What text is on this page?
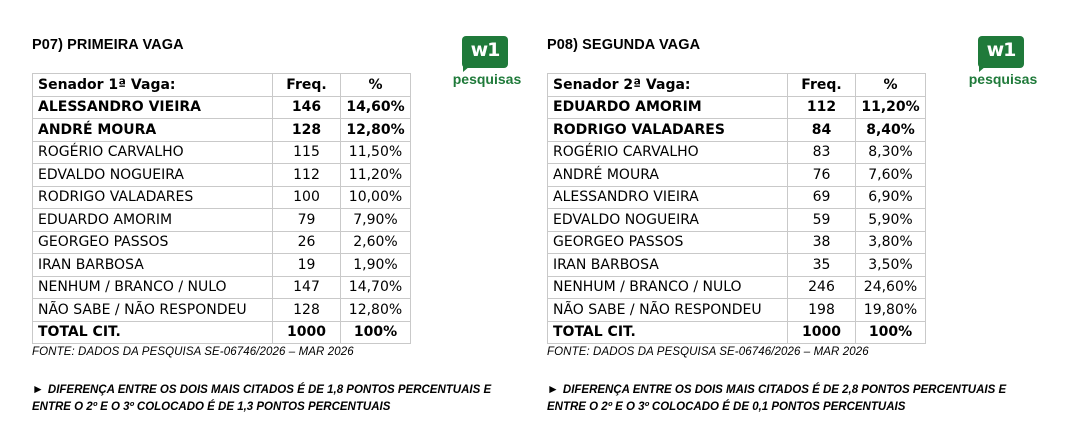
P07) PRIMEIRA VAGA	w1
pesquisas
Senador 1ª Vaga:	Freq.	%
ALESSANDRO VIEIRA	146	14,60%
ANDRÉ MOURA	128	12,80%
ROGÉRIO CARVALHO	115	11,50%
EDVALDO NOGUEIRA	112	11,20%
RODRIGO VALADARES	100	10,00%
EDUARDO AMORIM	79	7,90%
GEORGEO PASSOS	26	2,60%
IRAN BARBOSA	19	1,90%
NENHUM / BRANCO / NULO	147	14,70%
NÃO SABE / NÃO RESPONDEU	128	12,80%
TOTAL CIT.	1000	100%
FONTE: DADOS DA PESQUISA SE-06746/2026 – MAR 2026
► DIFERENÇA ENTRE OS DOIS MAIS CITADOS É DE 1,8 PONTOS PERCENTUAIS E ENTRE O 2º E O 3º COLOCADO É DE 1,3 PONTOS PERCENTUAIS
P08) SEGUNDA VAGA	w1
pesquisas
Senador 2ª Vaga:	Freq.	%
EDUARDO AMORIM	112	11,20%
RODRIGO VALADARES	84	8,40%
ROGÉRIO CARVALHO	83	8,30%
ANDRÉ MOURA	76	7,60%
ALESSANDRO VIEIRA	69	6,90%
EDVALDO NOGUEIRA	59	5,90%
GEORGEO PASSOS	38	3,80%
IRAN BARBOSA	35	3,50%
NENHUM / BRANCO / NULO	246	24,60%
NÃO SABE / NÃO RESPONDEU	198	19,80%
TOTAL CIT.	1000	100%
FONTE: DADOS DA PESQUISA SE-06746/2026 – MAR 2026
► DIFERENÇA ENTRE OS DOIS MAIS CITADOS É DE 2,8 PONTOS PERCENTUAIS E ENTRE O 2º E O 3º COLOCADO É DE 0,1 PONTOS PERCENTUAIS
